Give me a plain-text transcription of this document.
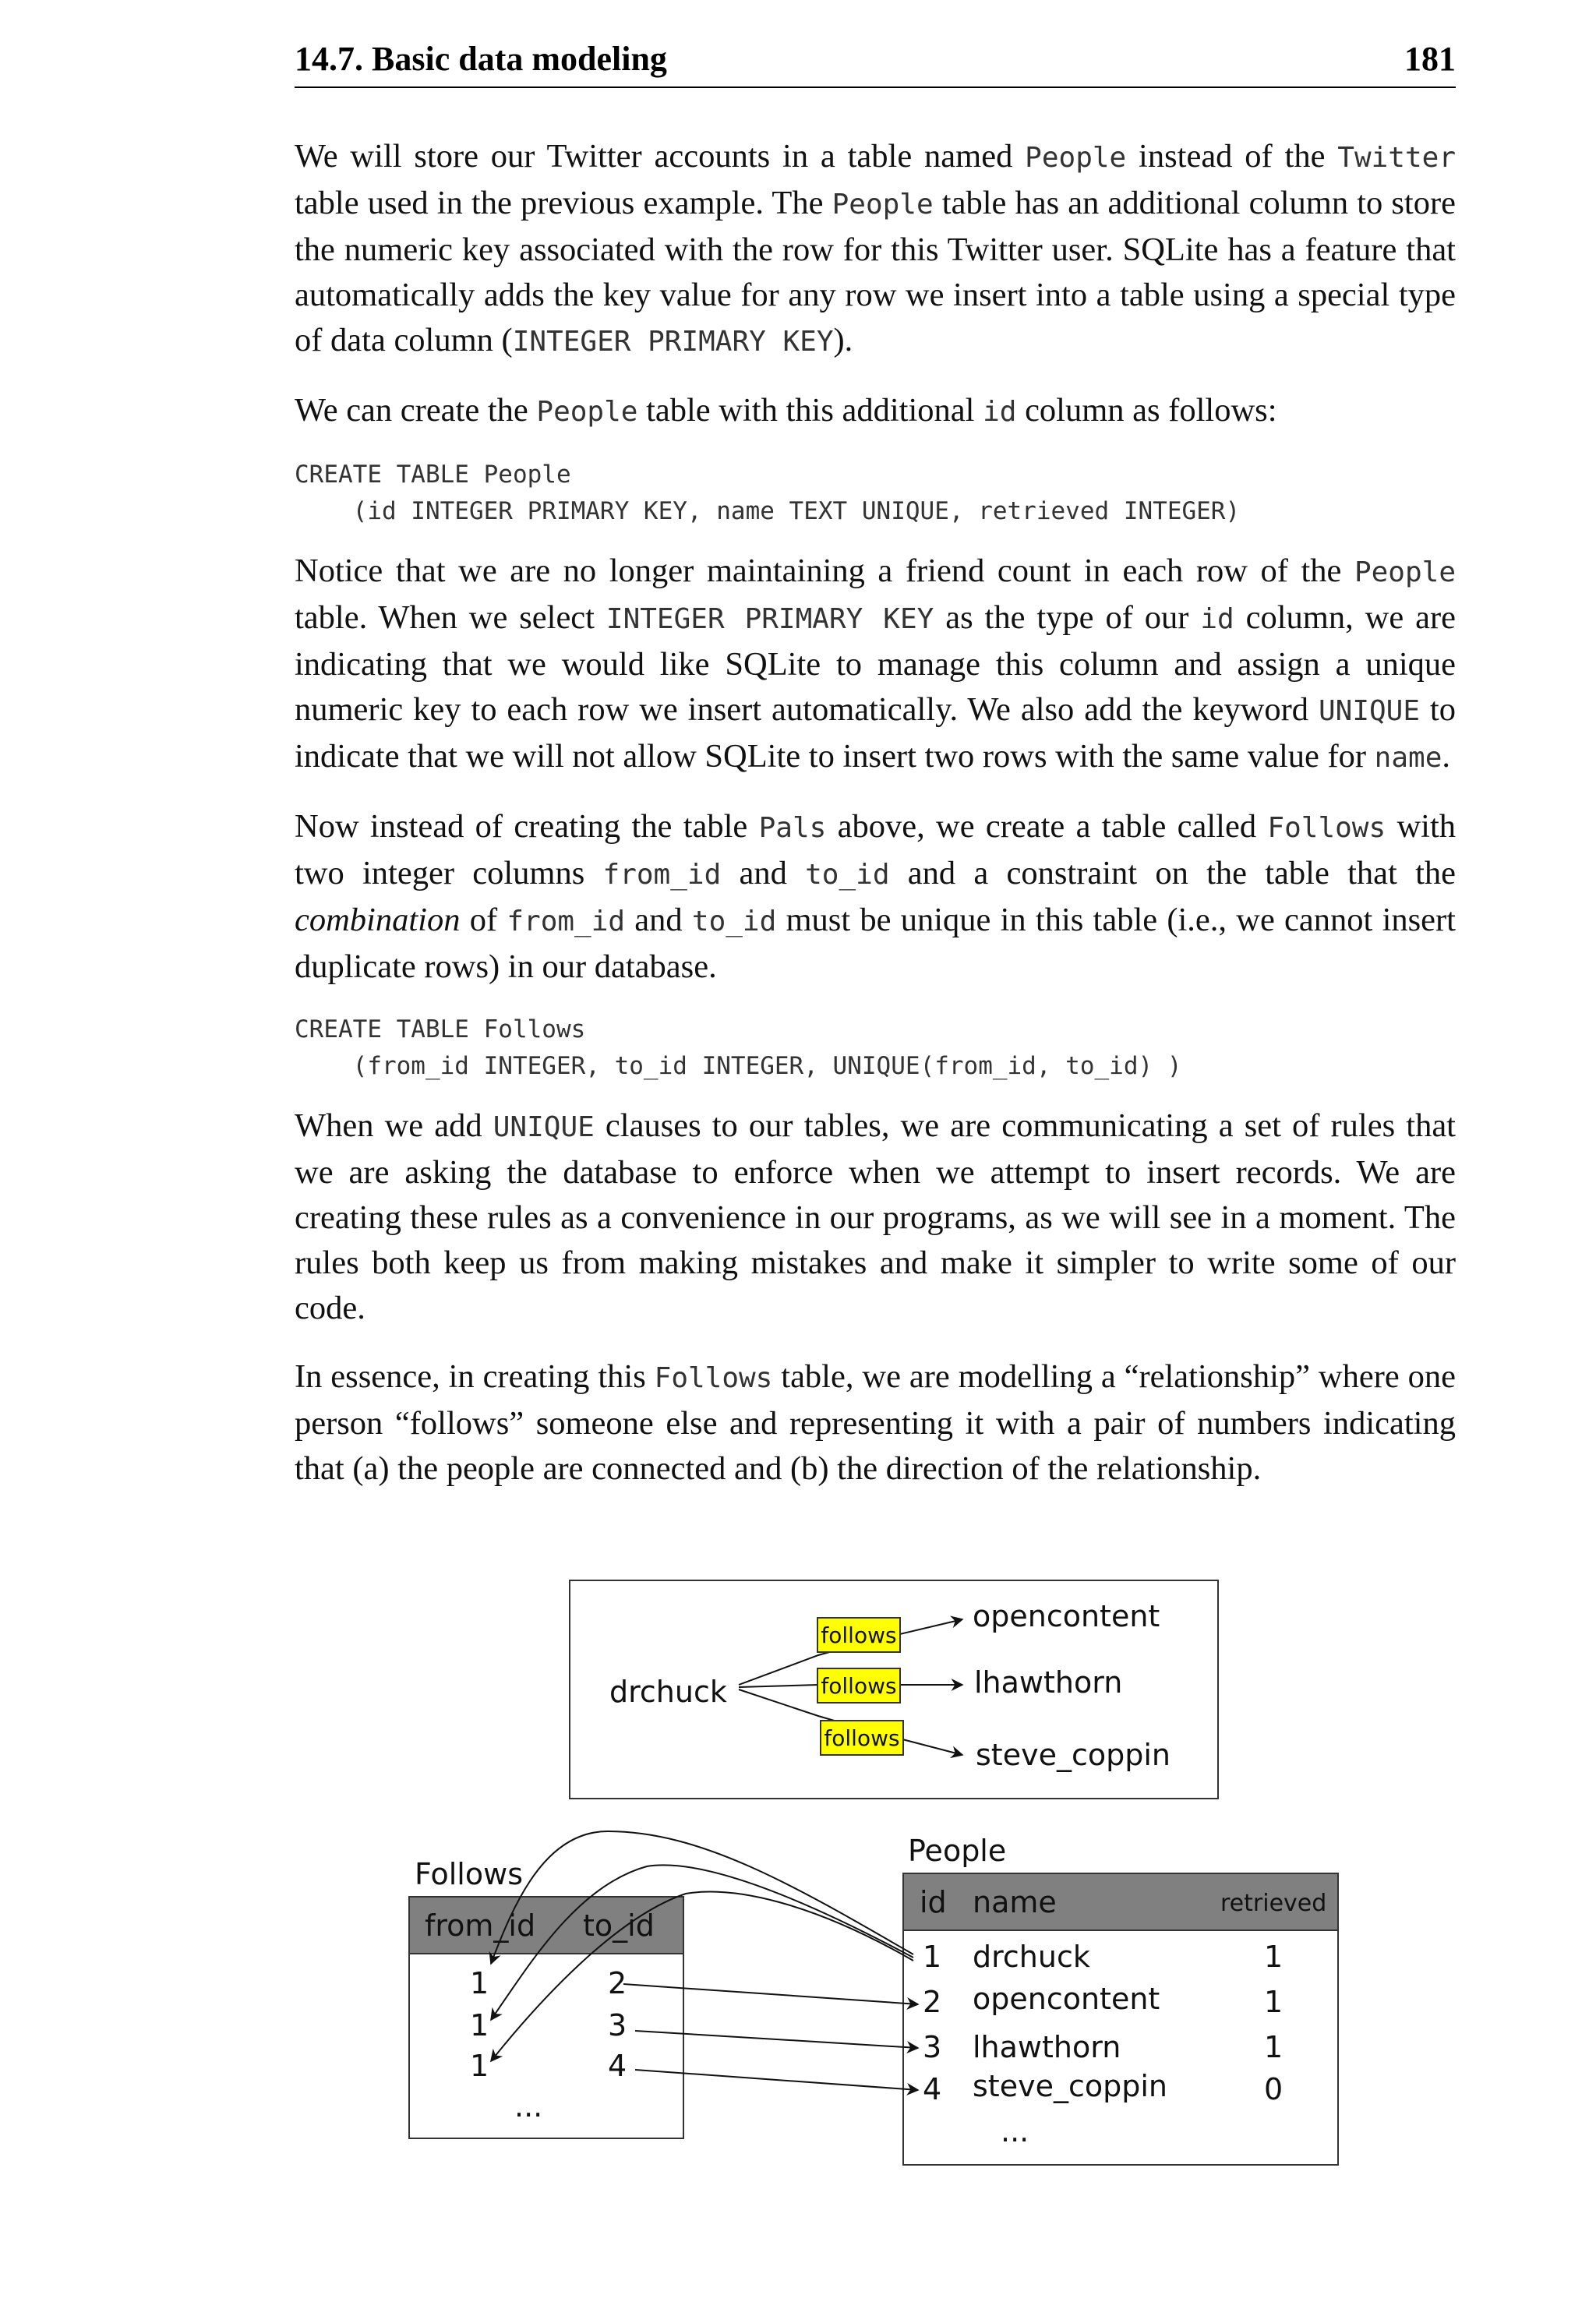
14.7. Basic data modeling	181

We will store our Twitter accounts in a table named People instead of the Twitter table used in the previous example. The People table has an additional column to store the numeric key associated with the row for this Twitter user. SQLite has a feature that automatically adds the key value for any row we insert into a table using a special type of data column (INTEGER PRIMARY KEY).

We can create the People table with this additional id column as follows:

CREATE TABLE People
(id INTEGER PRIMARY KEY, name TEXT UNIQUE, retrieved INTEGER)

Notice that we are no longer maintaining a friend count in each row of the People table. When we select INTEGER PRIMARY KEY as the type of our id column, we are indicating that we would like SQLite to manage this column and assign a unique numeric key to each row we insert automatically. We also add the keyword UNIQUE to indicate that we will not allow SQLite to insert two rows with the same value for name.

Now instead of creating the table Pals above, we create a table called Follows with two integer columns from_id and to_id and a constraint on the table that the combination of from_id and to_id must be unique in this table (i.e., we cannot insert duplicate rows) in our database.

CREATE TABLE Follows
(from_id INTEGER, to_id INTEGER, UNIQUE(from_id, to_id) )

When we add UNIQUE clauses to our tables, we are communicating a set of rules that we are asking the database to enforce when we attempt to insert records. We are creating these rules as a convenience in our programs, as we will see in a moment. The rules both keep us from making mistakes and make it simpler to write some of our code.

In essence, in creating this Follows table, we are modelling a “relationship” where one person “follows” someone else and representing it with a pair of numbers indicating that (a) the people are connected and (b) the direction of the relationship.

drchuck
follows
follows
follows
opencontent
lhawthorn
steve_coppin
Follows
from_id to_id
1
1
1
2
3
4
...
People
id name	retrieved
1
2
3
4
drchuck
opencontent
lhawthorn
steve_coppin
1
1
1
0
...
